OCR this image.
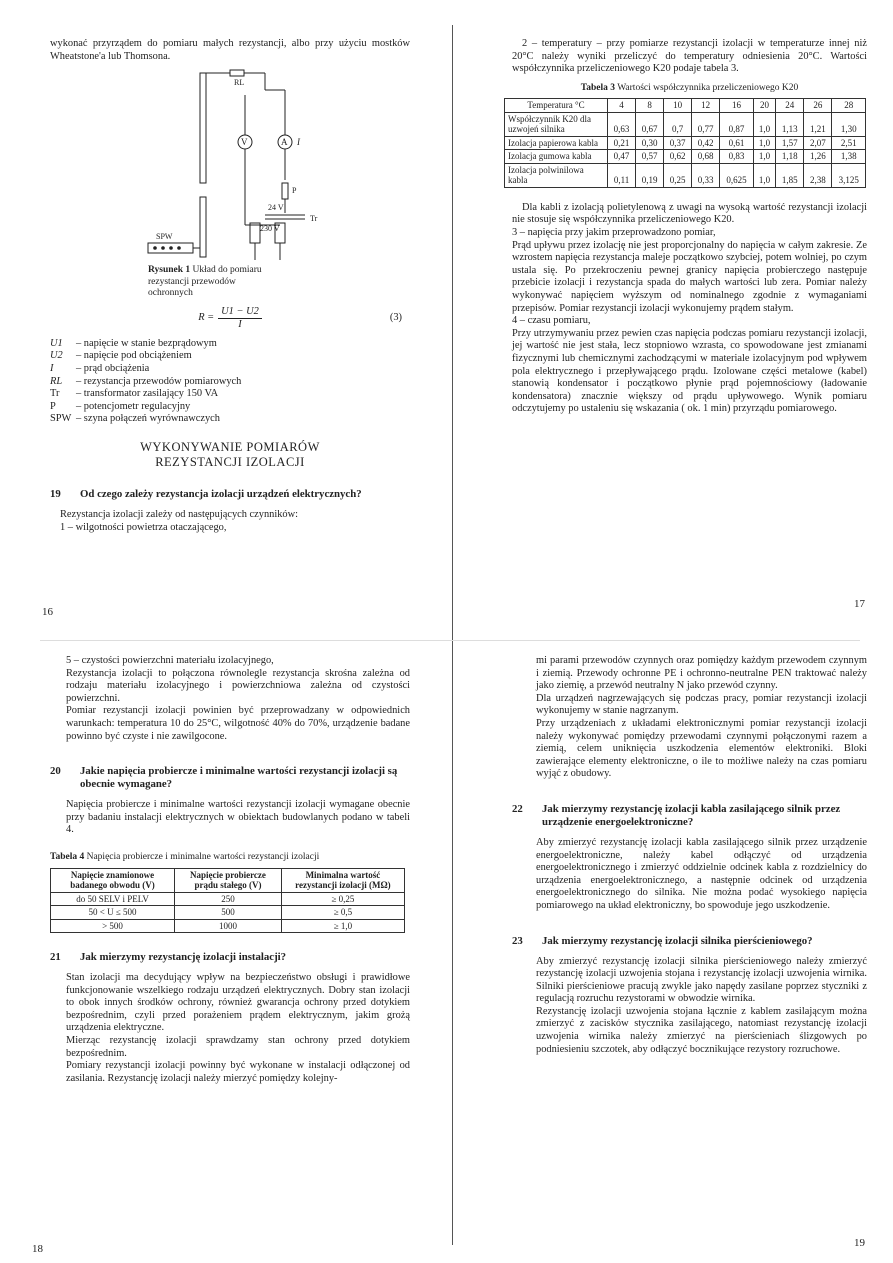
wykonać przyrządem do pomiaru małych rezystancji, albo przy użyciu mostków Wheatstone'a lub Thomsona.

RL
V	A I
P
24 V
230 V
Tr
SPW
Rysunek 1 Układ do pomiaru rezystancji przewodów ochronnych
$R = \frac{U1 - U2}{I}$	(3)
U1	– napięcie w stanie bezprądowym
U2	– napięcie pod obciążeniem
I	– prąd obciążenia
RL	– rezystancja przewodów pomiarowych
Tr	– transformator zasilający 150 VA
P	– potencjometr regulacyjny
SPW – szyna połączeń wyrównawczych
WYKONYWANIE POMIARÓW
REZYSTANCJI IZOLACJI
19	Od czego zależy rezystancja izolacji urządzeń elektrycznych?

Rezystancja izolacji zależy od następujących czynników:

1 – wilgotności powietrza otaczającego,

16

2 – temperatury – przy pomiarze rezystancji izolacji w temperaturze innej niż 20°C należy wyniki przeliczyć do temperatury odniesienia 20°C. Wartości współczynnika przeliczeniowego K20 podaje tabela 3.

Tabela 3 Wartości współczynnika przeliczeniowego K20
Temperatura °C	4	8	10	12	16	20	24	26	28
Współczynnik K20 dla uzwojeń silnika	0,63	0,67	0,7	0,77	0,87	1,0	1,13	1,21	1,30
Izolacja papierowa kabla	0,21	0,30	0,37	0,42	0,61	1,0	1,57	2,07	2,51
Izolacja gumowa kabla	0,47	0,57	0,62	0,68	0,83	1,0	1,18	1,26	1,38
Izolacja polwinilowa kabla	0,11	0,19	0,25	0,33	0,625	1,0	1,85	2,38	3,125

Dla kabli z izolacją polietylenową z uwagi na wysoką wartość rezystancji izolacji nie stosuje się współczynnika przeliczeniowego K20.

3 – napięcia przy jakim przeprowadzono pomiar,

Prąd upływu przez izolację nie jest proporcjonalny do napięcia w całym zakresie. Ze wzrostem napięcia rezystancja maleje początkowo szybciej, potem wolniej, po czym ustala się. Po przekroczeniu pewnej granicy napięcia probierczego następuje przebicie izolacji i rezystancja spada do małych wartości lub zera. Pomiar należy wykonywać napięciem wyższym od nominalnego zgodnie z wymaganiami przepisów. Pomiar rezystancji izolacji wykonujemy prądem stałym.

4 – czasu pomiaru,

Przy utrzymywaniu przez pewien czas napięcia podczas pomiaru rezystancji izolacji, jej wartość nie jest stała, lecz stopniowo wzrasta, co spowodowane jest zmianami fizycznymi lub chemicznymi zachodzącymi w materiale izolacyjnym pod wpływem pola elektrycznego i przepływającego prądu. Izolowane części metalowe (kabel) stanowią kondensator i początkowo płynie prąd pojemnościowy (ładowanie kondensatora) znacznie większy od prądu upływowego. Wynik pomiaru odczytujemy po ustaleniu się wskazania ( ok. 1 min) przyrządu pomiarowego.

17

5 – czystości powierzchni materiału izolacyjnego,

Rezystancja izolacji to połączona równolegle rezystancja skrośna zależna od rodzaju materiału izolacyjnego i powierzchniowa zależna od czystości powierzchni.

Pomiar rezystancji izolacji powinien być przeprowadzany w odpowiednich warunkach: temperatura 10 do 25°C, wilgotność 40% do 70%, urządzenie badane powinno być czyste i nie zawilgocone.

20	Jakie napięcia probiercze i minimalne wartości rezystancji izolacji są obecnie wymagane?

Napięcia probiercze i minimalne wartości rezystancji izolacji wymagane obecnie przy badaniu instalacji elektrycznych w obiektach budowlanych podano w tabeli 4.

Tabela 4 Napięcia probiercze i minimalne wartości rezystancji izolacji
Napięcie znamionowe badanego obwodu (V)	Napięcie probiercze prądu stałego (V)	Minimalna wartość rezystancji izolacji (MΩ)
do 50 SELV i PELV	250	≥ 0,25
50 < U ≤ 500	500	≥ 0,5
> 500	1000	≥ 1,0
21	Jak mierzymy rezystancję izolacji instalacji?

Stan izolacji ma decydujący wpływ na bezpieczeństwo obsługi i prawidłowe funkcjonowanie wszelkiego rodzaju urządzeń elektrycznych. Dobry stan izolacji to obok innych środków ochrony, również gwarancja ochrony przed dotykiem bezpośrednim, czyli przed porażeniem prądem elektrycznym, jakim grożą urządzenia elektryczne.

Mierząc rezystancję izolacji sprawdzamy stan ochrony przed dotykiem bezpośrednim.

Pomiary rezystancji izolacji powinny być wykonane w instalacji odłączonej od zasilania. Rezystancję izolacji należy mierzyć pomiędzy kolejny-

18

mi parami przewodów czynnych oraz pomiędzy każdym przewodem czynnym i ziemią. Przewody ochronne PE i ochronno-neutralne PEN traktować należy jako ziemię, a przewód neutralny N jako przewód czynny.

Dla urządzeń nagrzewających się podczas pracy, pomiar rezystancji izolacji wykonujemy w stanie nagrzanym.

Przy urządzeniach z układami elektronicznymi pomiar rezystancji izolacji należy wykonywać pomiędzy przewodami czynnymi połączonymi razem a ziemią, celem uniknięcia uszkodzenia elementów elektroniki. Bloki zawierające elementy elektroniczne, o ile to możliwe należy na czas pomiaru wyjąć z obudowy.

22	Jak mierzymy rezystancję izolacji kabla zasilającego silnik przez urządzenie energoelektroniczne?

Aby zmierzyć rezystancję izolacji kabla zasilającego silnik przez urządzenie energoelektroniczne, należy kabel odłączyć od urządzenia energoelektronicznego i zmierzyć oddzielnie odcinek kabla z rozdzielnicy do urządzenia energoelektronicznego, a następnie odcinek od urządzenia energoelektronicznego do silnika. Nie można podać wysokiego napięcia pomiarowego na układ elektroniczny, bo spowoduje jego uszkodzenie.

23	Jak mierzymy rezystancję izolacji silnika pierścieniowego?

Aby zmierzyć rezystancję izolacji silnika pierścieniowego należy zmierzyć rezystancję izolacji uzwojenia stojana i rezystancję izolacji uzwojenia wirnika. Silniki pierścieniowe pracują zwykle jako napędy zasilane poprzez styczniki z regulacją rozruchu rezystorami w obwodzie wirnika.

Rezystancję izolacji uzwojenia stojana łącznie z kablem zasilającym można zmierzyć z zacisków stycznika zasilającego, natomiast rezystancję izolacji uzwojenia wirnika należy zmierzyć na pierścieniach ślizgowych po podniesieniu szczotek, aby odłączyć bocznikujące rezystory rozruchowe.

19
